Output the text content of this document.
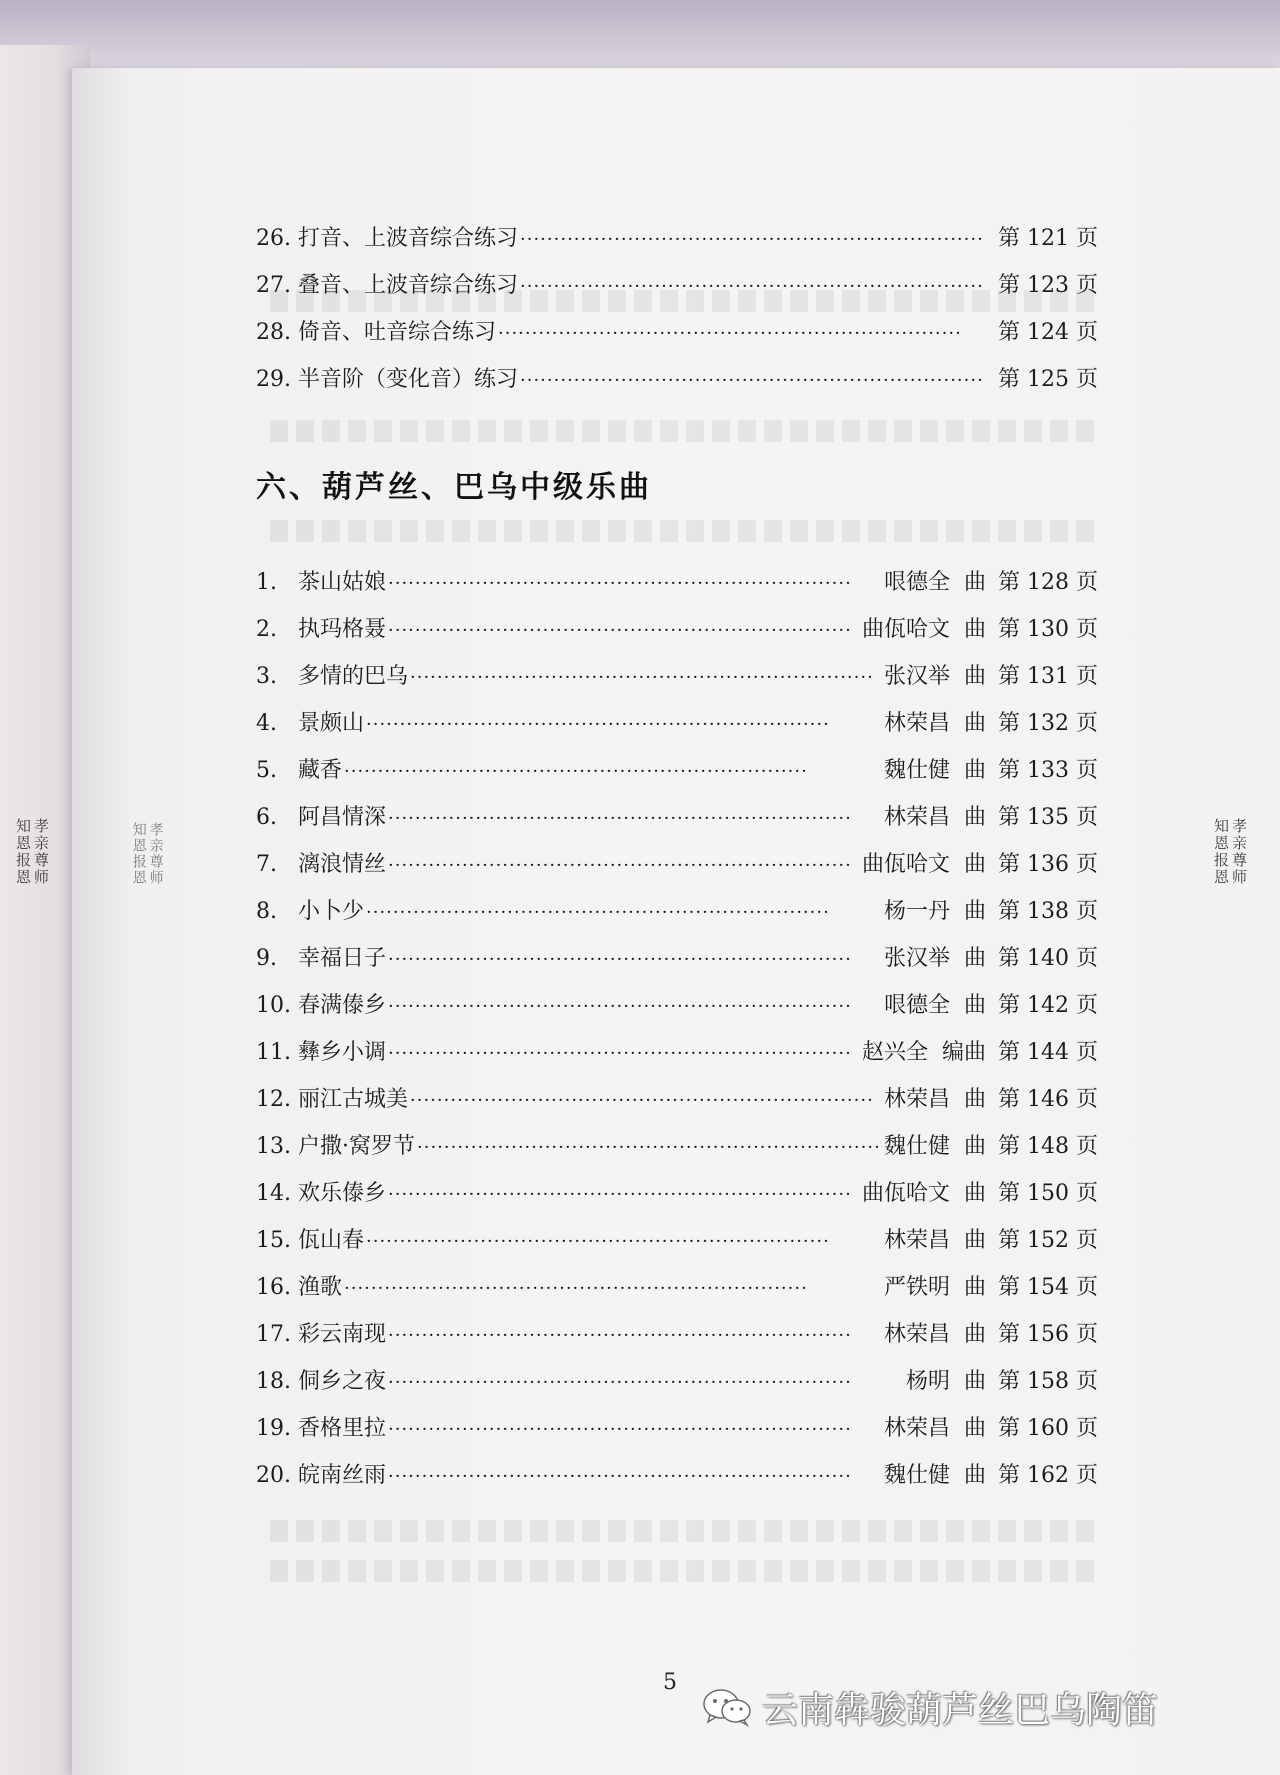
孝亲尊师
知恩报恩	孝亲尊师
知恩报恩	孝亲尊师
知恩报恩
26. 打音、上波音综合练习 ····································································· 第 121 页
27. 叠音、上波音综合练习 ····································································· 第 123 页
28. 倚音、吐音综合练习 ·····································································	第 124 页
29. 半音阶（变化音）练习 ····································································· 第 125 页
六、葫芦丝、巴乌中级乐曲
1. 茶山姑娘 ·····································································	哏德全 曲 第 128 页
2. 执玛格聂 ····································································· 曲佤哈文 曲 第 130 页
3. 多情的巴乌 ····································································· 张汉举 曲 第 131 页
4. 景颇山 ·····································································	林荣昌 曲 第 132 页
5. 藏香 ·····································································	魏仕健 曲 第 133 页
6. 阿昌情深 ·····································································	林荣昌 曲 第 135 页
7. 漓浪情丝 ····································································· 曲佤哈文 曲 第 136 页
8. 小卜少 ·····································································	杨一丹 曲 第 138 页
9. 幸福日子 ·····································································	张汉举 曲 第 140 页
10. 春满傣乡 ·····································································	哏德全 曲 第 142 页
11. 彝乡小调 ····································································· 赵兴全 编曲 第 144 页
12. 丽江古城美 ····································································· 林荣昌 曲 第 146 页
13. 户撒·窝罗节 ····································································· 魏仕健 曲 第 148 页
14. 欢乐傣乡 ····································································· 曲佤哈文 曲 第 150 页
15. 佤山春 ·····································································	林荣昌 曲 第 152 页
16. 渔歌 ·····································································	严铁明 曲 第 154 页
17. 彩云南现 ·····································································	林荣昌 曲 第 156 页
18. 侗乡之夜 ·····································································	杨明 曲 第 158 页
19. 香格里拉 ·····································································	林荣昌 曲 第 160 页
20. 皖南丝雨 ·····································································	魏仕健 曲 第 162 页
5
云南犇骏葫芦丝巴乌陶笛
